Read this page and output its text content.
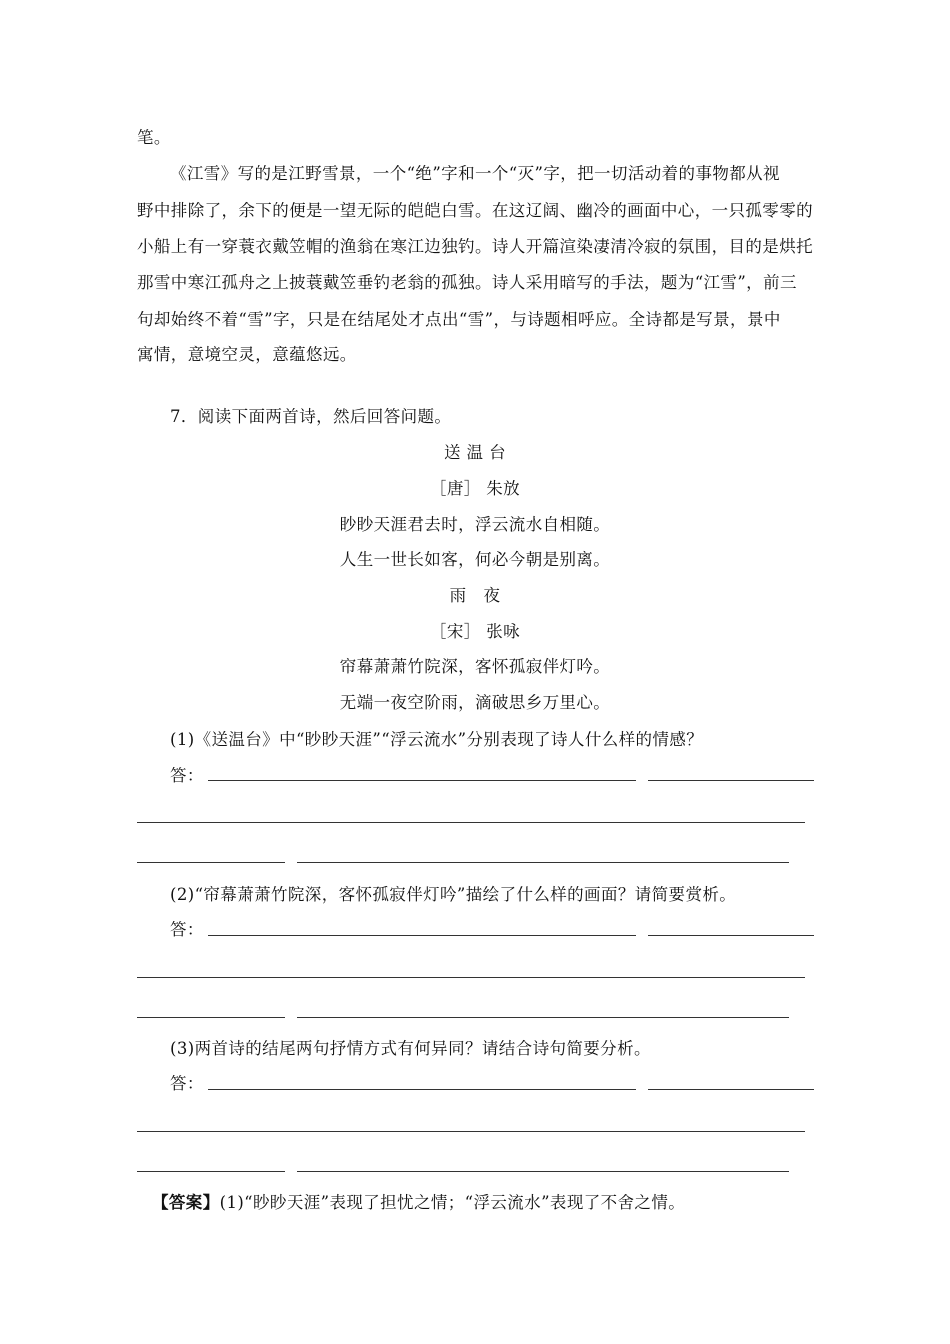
笔。
《江雪》写的是江野雪景，一个“绝”字和一个“灭”字，把一切活动着的事物都从视
野中排除了，余下的便是一望无际的皑皑白雪。在这辽阔、幽冷的画面中心，一只孤零零的
小船上有一穿蓑衣戴笠帽的渔翁在寒江边独钓。诗人开篇渲染凄清冷寂的氛围，目的是烘托
那雪中寒江孤舟之上披蓑戴笠垂钓老翁的孤独。诗人采用暗写的手法，题为“江雪”，前三
句却始终不着“雪”字，只是在结尾处才点出“雪”，与诗题相呼应。全诗都是写景，景中
寓情，意境空灵，意蕴悠远。
7．阅读下面两首诗，然后回答问题。
送 温 台
［唐］ 朱放
眇眇天涯君去时，浮云流水自相随。
人生一世长如客，何必今朝是别离。
雨　夜
［宋］ 张咏
帘幕萧萧竹院深，客怀孤寂伴灯吟。
无端一夜空阶雨，滴破思乡万里心。
(1)《送温台》中“眇眇天涯”“浮云流水”分别表现了诗人什么样的情感？
答：
(2)“帘幕萧萧竹院深，客怀孤寂伴灯吟”描绘了什么样的画面？请简要赏析。
答：
(3)两首诗的结尾两句抒情方式有何异同？请结合诗句简要分析。
答：
【答案】(1)“眇眇天涯”表现了担忧之情；“浮云流水”表现了不舍之情。
